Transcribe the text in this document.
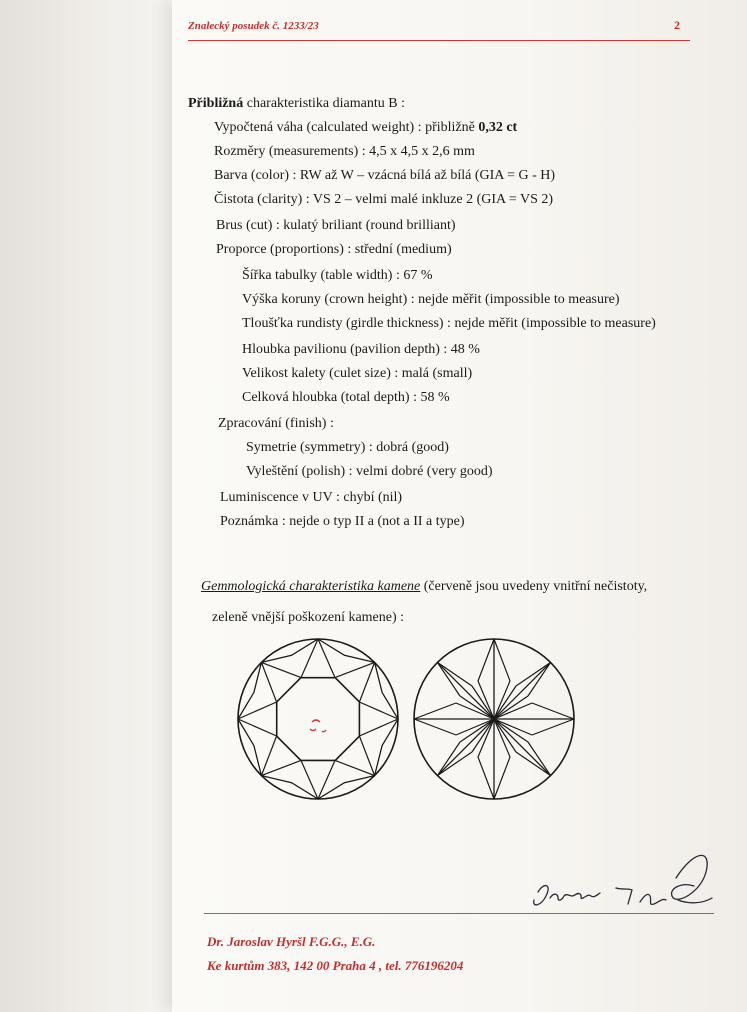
Znalecký posudek č. 1233/23	2
Přibližná charakteristika diamantu B :
Vypočtená váha (calculated weight) : přibližně 0,32 ct
Rozměry (measurements) : 4,5 x 4,5 x 2,6 mm
Barva (color) : RW až W – vzácná bílá až bílá (GIA = G - H)
Čistota (clarity) : VS 2 – velmi malé inkluze 2 (GIA = VS 2)
Brus (cut) : kulatý briliant (round brilliant)
Proporce (proportions) : střední (medium)
Šířka tabulky (table width) : 67 %
Výška koruny (crown height) : nejde měřit (impossible to measure)
Tloušťka rundisty (girdle thickness) : nejde měřit (impossible to measure)
Hloubka pavilionu (pavilion depth) : 48 %
Velikost kalety (culet size) : malá (small)
Celková hloubka (total depth) : 58 %
Zpracování (finish) :
Symetrie (symmetry) : dobrá (good)
Vyleštění (polish) : velmi dobré (very good)
Luminiscence v UV : chybí (nil)
Poznámka : nejde o typ II a (not a II a type)
Gemmologická charakteristika kamene (červeně jsou uvedeny vnitřní nečistoty,
zeleně vnější poškození kamene) :
Dr. Jaroslav Hyršl F.G.G., E.G.
Ke kurtům 383, 142 00 Praha 4 , tel. 776196204
